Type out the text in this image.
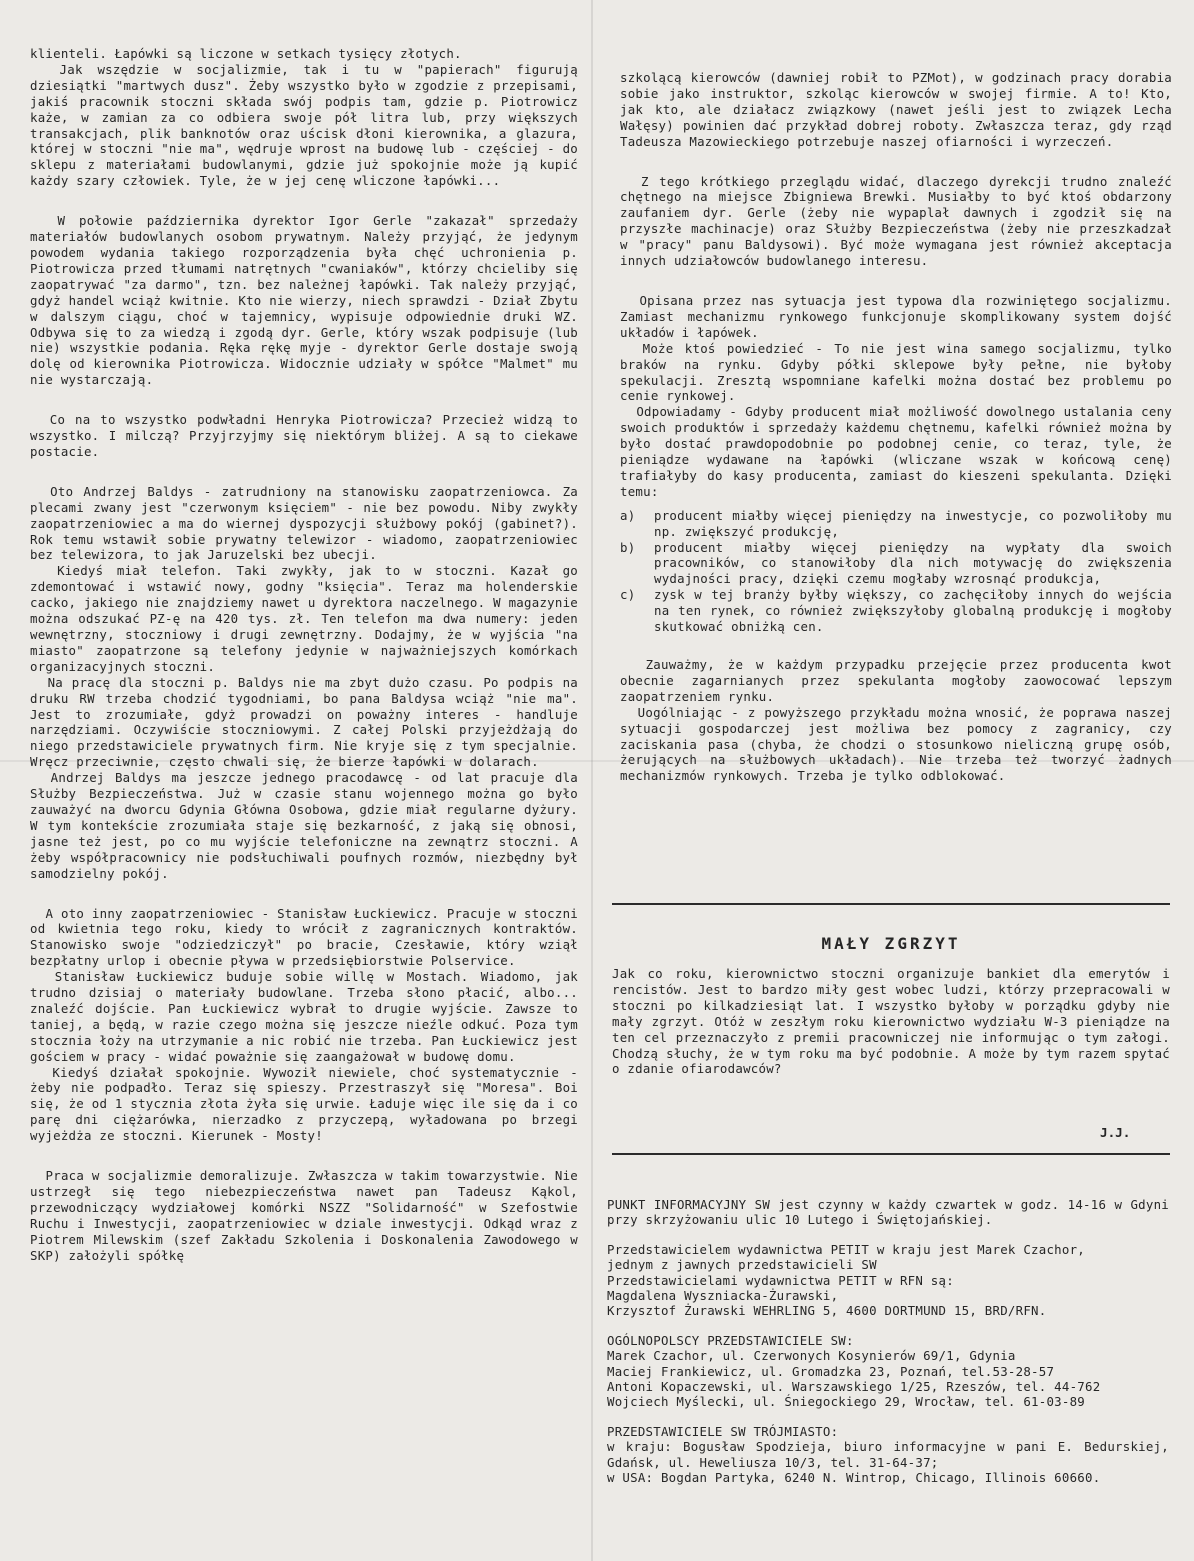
klienteli. Łapówki są liczone w setkach tysięcy złotych.
Jak wszędzie w socjalizmie, tak i tu w "papierach" figurują dziesiątki "martwych dusz". Żeby wszystko było w zgodzie z przepisami, jakiś pracownik stoczni składa swój podpis tam, gdzie p. Piotrowicz każe, w zamian za co odbiera swoje pół litra lub, przy większych transakcjach, plik banknotów oraz uścisk dłoni kierownika, a glazura, której w stoczni "nie ma", wędruje wprost na budowę lub - częściej - do sklepu z materiałami budowlanymi, gdzie już spokojnie może ją kupić każdy szary człowiek. Tyle, że w jej cenę wliczone łapówki...

W połowie października dyrektor Igor Gerle "zakazał" sprzedaży materiałów budowlanych osobom prywatnym. Należy przyjąć, że jedynym powodem wydania takiego rozporządzenia była chęć uchronienia p. Piotrowicza przed tłumami natrętnych "cwaniaków", którzy chcieliby się zaopatrywać "za darmo", tzn. bez należnej łapówki. Tak należy przyjąć, gdyż handel wciąż kwitnie. Kto nie wierzy, niech sprawdzi - Dział Zbytu w dalszym ciągu, choć w tajemnicy, wypisuje odpowiednie druki WZ. Odbywa się to za wiedzą i zgodą dyr. Gerle, który wszak podpisuje (lub nie) wszystkie podania. Ręka rękę myje - dyrektor Gerle dostaje swoją dolę od kierownika Piotrowicza. Widocznie udziały w spółce "Malmet" mu nie wystarczają.

Co na to wszystko podwładni Henryka Piotrowicza? Przecież widzą to wszystko. I milczą? Przyjrzyjmy się niektórym bliżej. A są to ciekawe postacie.

Oto Andrzej Baldys - zatrudniony na stanowisku zaopatrzeniowca. Za plecami zwany jest "czerwonym księciem" - nie bez powodu. Niby zwykły zaopatrzeniowiec a ma do wiernej dyspozycji służbowy pokój (gabinet?). Rok temu wstawił sobie prywatny telewizor - wiadomo, zaopatrzeniowiec bez telewizora, to jak Jaruzelski bez ubecji.
Kiedyś miał telefon. Taki zwykły, jak to w stoczni. Kazał go zdemontować i wstawić nowy, godny "księcia". Teraz ma holenderskie cacko, jakiego nie znajdziemy nawet u dyrektora naczelnego. W magazynie można odszukać PZ-ę na 420 tys. zł. Ten telefon ma dwa numery: jeden wewnętrzny, stoczniowy i drugi zewnętrzny. Dodajmy, że w wyjścia "na miasto" zaopatrzone są telefony jedynie w najważniejszych komórkach organizacyjnych stoczni.
Na pracę dla stoczni p. Baldys nie ma zbyt dużo czasu. Po podpis na druku RW trzeba chodzić tygodniami, bo pana Baldysa wciąż "nie ma". Jest to zrozumiałe, gdyż prowadzi on poważny interes - handluje narzędziami. Oczywiście stoczniowymi. Z całej Polski przyjeżdżają do niego przedstawiciele prywatnych firm. Nie kryje się z tym specjalnie. Wręcz przeciwnie, często chwali się, że bierze łapówki w dolarach.
Andrzej Baldys ma jeszcze jednego pracodawcę - od lat pracuje dla Służby Bezpieczeństwa. Już w czasie stanu wojennego można go było zauważyć na dworcu Gdynia Główna Osobowa, gdzie miał regularne dyżury. W tym kontekście zrozumiała staje się bezkarność, z jaką się obnosi, jasne też jest, po co mu wyjście telefoniczne na zewnątrz stoczni. A żeby współpracownicy nie podsłuchiwali poufnych rozmów, niezbędny był samodzielny pokój.

A oto inny zaopatrzeniowiec - Stanisław Łuckiewicz. Pracuje w stoczni od kwietnia tego roku, kiedy to wrócił z zagranicznych kontraktów. Stanowisko swoje "odziedziczył" po bracie, Czesławie, który wziął bezpłatny urlop i obecnie pływa w przedsiębiorstwie Polservice.
Stanisław Łuckiewicz buduje sobie willę w Mostach. Wiadomo, jak trudno dzisiaj o materiały budowlane. Trzeba słono płacić, albo... znaleźć dojście. Pan Łuckiewicz wybrał to drugie wyjście. Zawsze to taniej, a będą, w razie czego można się jeszcze nieźle odkuć. Poza tym stocznia łoży na utrzymanie a nic robić nie trzeba. Pan Łuckiewicz jest gościem w pracy - widać poważnie się zaangażował w budowę domu.
Kiedyś działał spokojnie. Wywoził niewiele, choć systematycznie - żeby nie podpadło. Teraz się spieszy. Przestraszył się "Moresa". Boi się, że od 1 stycznia złota żyła się urwie. Ładuje więc ile się da i co parę dni ciężarówka, nierzadko z przyczepą, wyładowana po brzegi wyjeżdża ze stoczni. Kierunek - Mosty!

Praca w socjalizmie demoralizuje. Zwłaszcza w takim towarzystwie. Nie ustrzegł się tego niebezpieczeństwa nawet pan Tadeusz Kąkol, przewodniczący wydziałowej komórki NSZZ "Solidarność" w Szefostwie Ruchu i Inwestycji, zaopatrzeniowiec w dziale inwestycji. Odkąd wraz z Piotrem Milewskim (szef Zakładu Szkolenia i Doskonalenia Zawodowego w SKP) założyli spółkę

szkolącą kierowców (dawniej robił to PZMot), w godzinach pracy dorabia sobie jako instruktor, szkoląc kierowców w swojej firmie. A to! Kto, jak kto, ale działacz związkowy (nawet jeśli jest to związek Lecha Wałęsy) powinien dać przykład dobrej roboty. Zwłaszcza teraz, gdy rząd Tadeusza Mazowieckiego potrzebuje naszej ofiarności i wyrzeczeń.

Z tego krótkiego przeglądu widać, dlaczego dyrekcji trudno znaleźć chętnego na miejsce Zbigniewa Brewki. Musiałby to być ktoś obdarzony zaufaniem dyr. Gerle (żeby nie wypaplał dawnych i zgodził się na przyszłe machinacje) oraz Służby Bezpieczeństwa (żeby nie przeszkadzał w "pracy" panu Baldysowi). Być może wymagana jest również akceptacja innych udziałowców budowlanego interesu.

Opisana przez nas sytuacja jest typowa dla rozwiniętego socjalizmu. Zamiast mechanizmu rynkowego funkcjonuje skomplikowany system dojść układów i łapówek.
Może ktoś powiedzieć - To nie jest wina samego socjalizmu, tylko braków na rynku. Gdyby półki sklepowe były pełne, nie byłoby spekulacji. Zresztą wspomniane kafelki można dostać bez problemu po cenie rynkowej.
Odpowiadamy - Gdyby producent miał możliwość dowolnego ustalania ceny swoich produktów i sprzedaży każdemu chętnemu, kafelki również można by było dostać prawdopodobnie po podobnej cenie, co teraz, tyle, że pieniądze wydawane na łapówki (wliczane wszak w końcową cenę) trafiałyby do kasy producenta, zamiast do kieszeni spekulanta. Dzięki temu:

a)	producent miałby więcej pieniędzy na inwestycje, co pozwoliłoby mu np. zwiększyć produkcję,
b)	producent miałby więcej pieniędzy na wypłaty dla swoich pracowników, co stanowiłoby dla nich motywację do zwiększenia wydajności pracy, dzięki czemu mogłaby wzrosnąć produkcja,
c)	zysk w tej branży byłby większy, co zachęciłoby innych do wejścia na ten rynek, co również zwiększyłoby globalną produkcję i mogłoby skutkować obniżką cen.

Zauważmy, że w każdym przypadku przejęcie przez producenta kwot obecnie zagarnianych przez spekulanta mogłoby zaowocować lepszym zaopatrzeniem rynku.
Uogólniając - z powyższego przykładu można wnosić, że poprawa naszej sytuacji gospodarczej jest możliwa bez pomocy z zagranicy, czy zaciskania pasa (chyba, że chodzi o stosunkowo nieliczną grupę osób, żerujących na służbowych układach). Nie trzeba też tworzyć żadnych mechanizmów rynkowych. Trzeba je tylko odblokować.

MAŁY ZGRZYT

Jak co roku, kierownictwo stoczni organizuje bankiet dla emerytów i rencistów. Jest to bardzo miły gest wobec ludzi, którzy przepracowali w stoczni po kilkadziesiąt lat. I wszystko byłoby w porządku gdyby nie mały zgrzyt. Otóż w zeszłym roku kierownictwo wydziału W-3 pieniądze na ten cel przeznaczyło z premii pracowniczej nie informując o tym załogi. Chodzą słuchy, że w tym roku ma być podobnie. A może by tym razem spytać o zdanie ofiarodawców?

J.J.

PUNKT INFORMACYJNY SW jest czynny w każdy czwartek w godz. 14-16 w Gdyni przy skrzyżowaniu ulic 10 Lutego i Świętojańskiej.

Przedstawicielem wydawnictwa PETIT w kraju jest Marek Czachor,
jednym z jawnych przedstawicieli SW
Przedstawicielami wydawnictwa PETIT w RFN są:
Magdalena Wyszniacka-Żurawski,
Krzysztof Żurawski WEHRLING 5, 4600 DORTMUND 15, BRD/RFN.

OGÓLNOPOLSCY PRZEDSTAWICIELE SW:
Marek Czachor, ul. Czerwonych Kosynierów 69/1, Gdynia
Maciej Frankiewicz, ul. Gromadzka 23, Poznań, tel.53-28-57
Antoni Kopaczewski, ul. Warszawskiego 1/25, Rzeszów, tel. 44-762
Wojciech Myślecki, ul. Śniegockiego 29, Wrocław, tel. 61-03-89

PRZEDSTAWICIELE SW TRÓJMIASTO:
w kraju: Bogusław Spodzieja, biuro informacyjne w pani E. Bedurskiej, Gdańsk, ul. Heweliusza 10/3, tel. 31-64-37;
w USA: Bogdan Partyka, 6240 N. Wintrop, Chicago, Illinois 60660.
